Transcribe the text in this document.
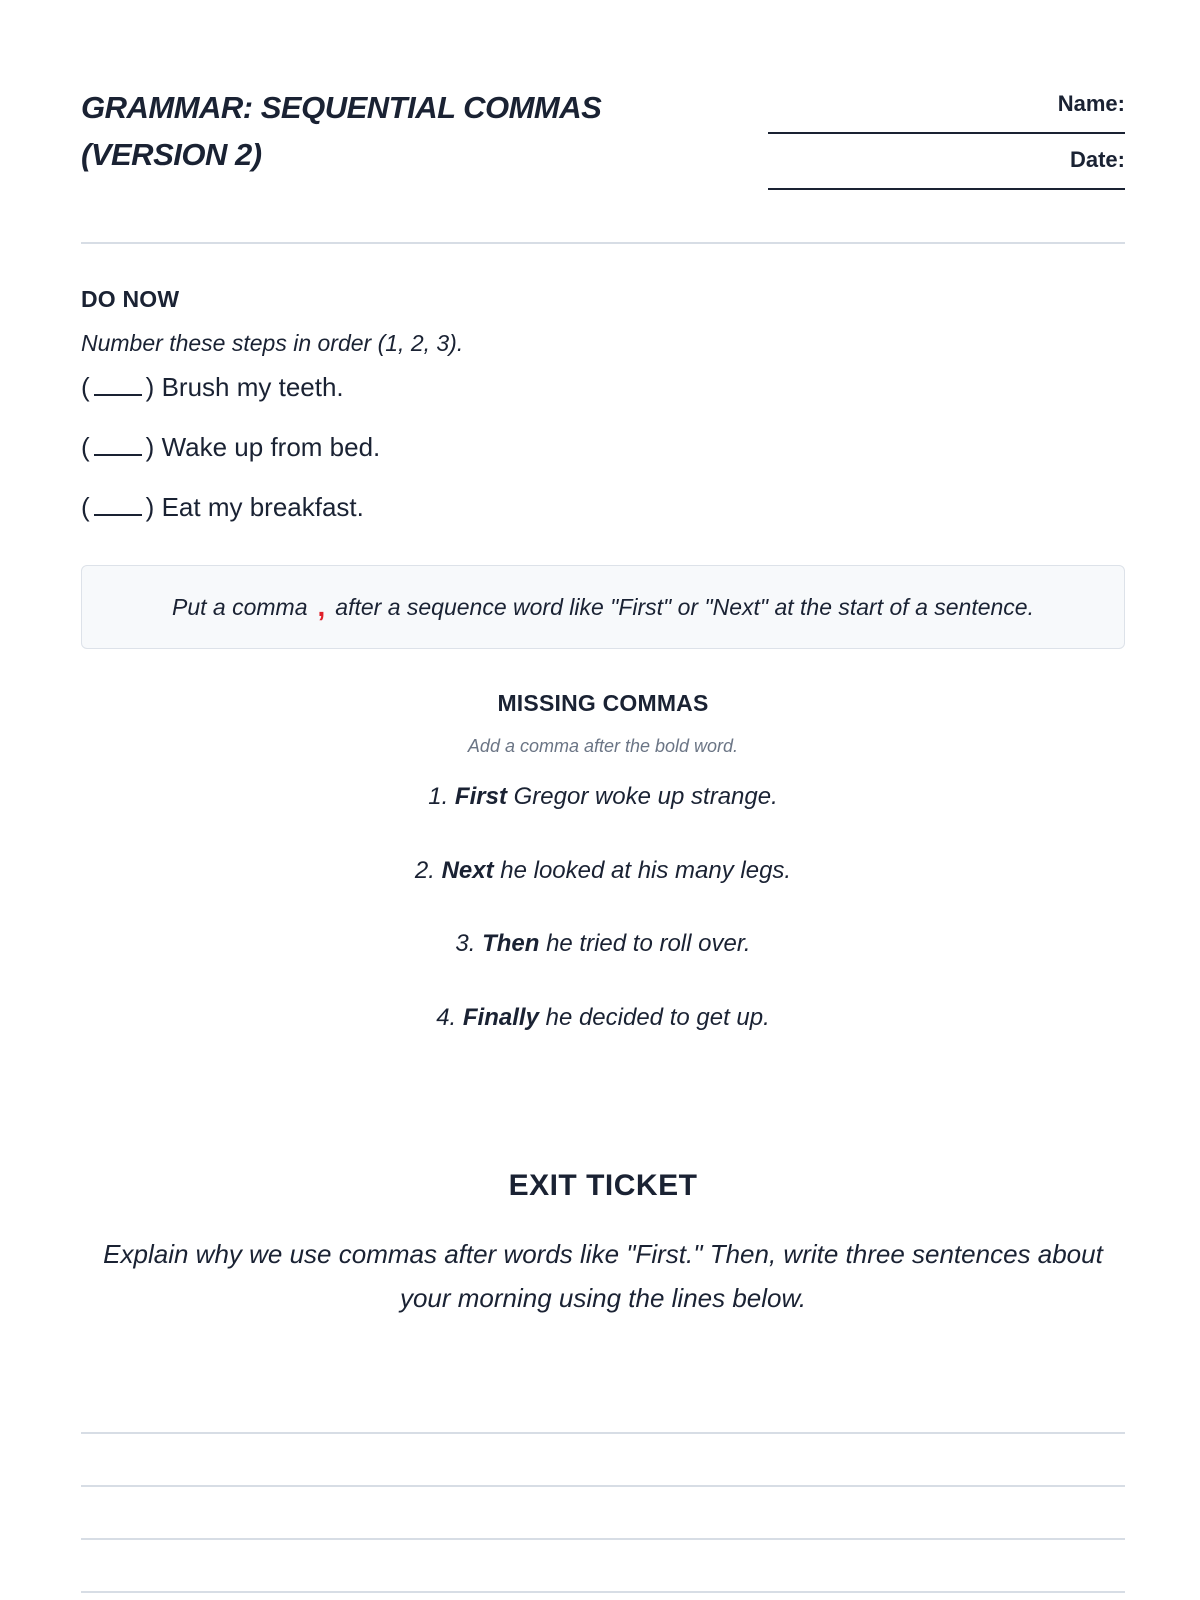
GRAMMAR: SEQUENTIAL COMMAS (VERSION 2)
Name:
Date:
DO NOW

Number these steps in order (1, 2, 3).

( ) Brush my teeth.
( ) Wake up from bed.
( ) Eat my breakfast.
Put a comma , after a sequence word like "First" or "Next" at the start of a sentence.
MISSING COMMAS

Add a comma after the bold word.

1. First Gregor woke up strange.
2. Next he looked at his many legs.
3. Then he tried to roll over.
4. Finally he decided to get up.
EXIT TICKET

Explain why we use commas after words like "First." Then, write three sentences about your morning using the lines below.
